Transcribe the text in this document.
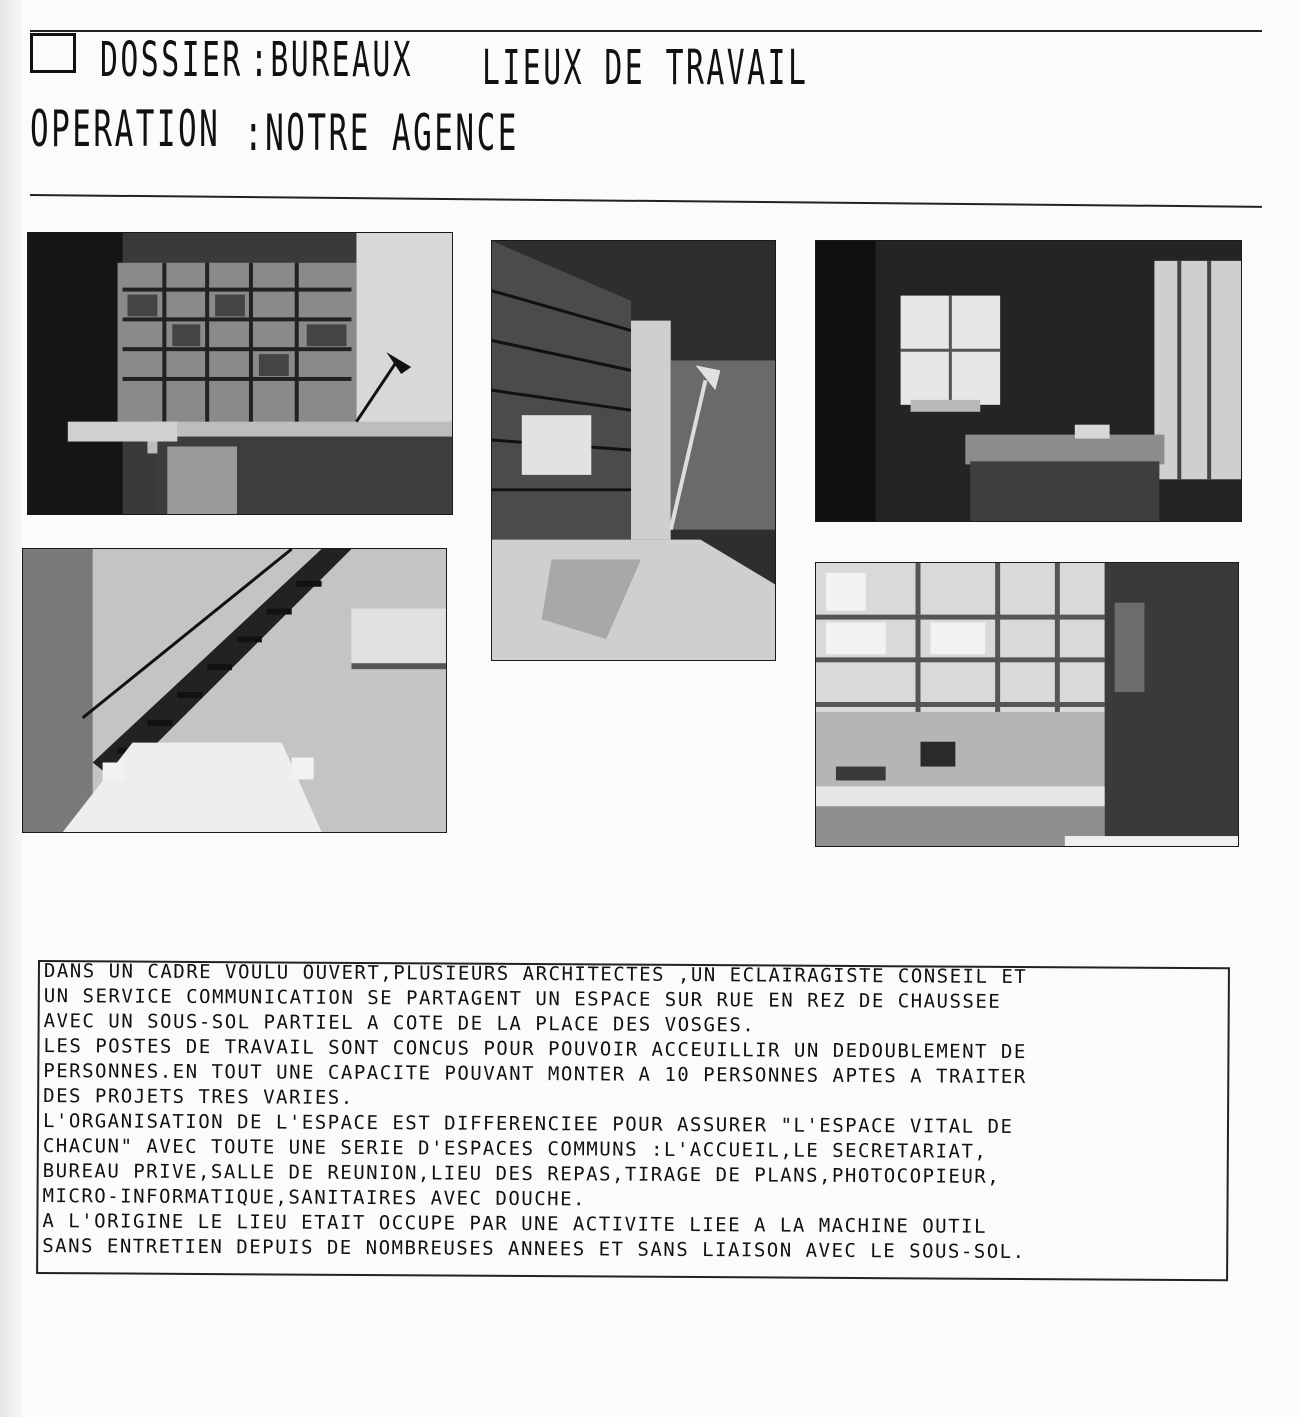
DOSSIER :BUREAUX LIEUX DE TRAVAIL
OPERATION :NOTRE AGENCE
DANS UN CADRE VOULU OUVERT,PLUSIEURS ARCHITECTES ,UN ECLAIRAGISTE CONSEIL ET
UN SERVICE COMMUNICATION SE PARTAGENT UN ESPACE SUR RUE EN REZ DE CHAUSSEE
AVEC UN SOUS-SOL PARTIEL A COTE DE LA PLACE DES VOSGES.
LES POSTES DE TRAVAIL SONT CONCUS POUR POUVOIR ACCEUILLIR UN DEDOUBLEMENT DE
PERSONNES.EN TOUT UNE CAPACITE POUVANT MONTER A 10 PERSONNES APTES A TRAITER
DES PROJETS TRES VARIES.
L'ORGANISATION DE L'ESPACE EST DIFFERENCIEE POUR ASSURER "L'ESPACE VITAL DE
CHACUN" AVEC TOUTE UNE SERIE D'ESPACES COMMUNS :L'ACCUEIL,LE SECRETARIAT,
BUREAU PRIVE,SALLE DE REUNION,LIEU DES REPAS,TIRAGE DE PLANS,PHOTOCOPIEUR,
MICRO-INFORMATIQUE,SANITAIRES AVEC DOUCHE.
A L'ORIGINE LE LIEU ETAIT OCCUPE PAR UNE ACTIVITE LIEE A LA MACHINE OUTIL
SANS ENTRETIEN DEPUIS DE NOMBREUSES ANNEES ET SANS LIAISON AVEC LE SOUS-SOL.
